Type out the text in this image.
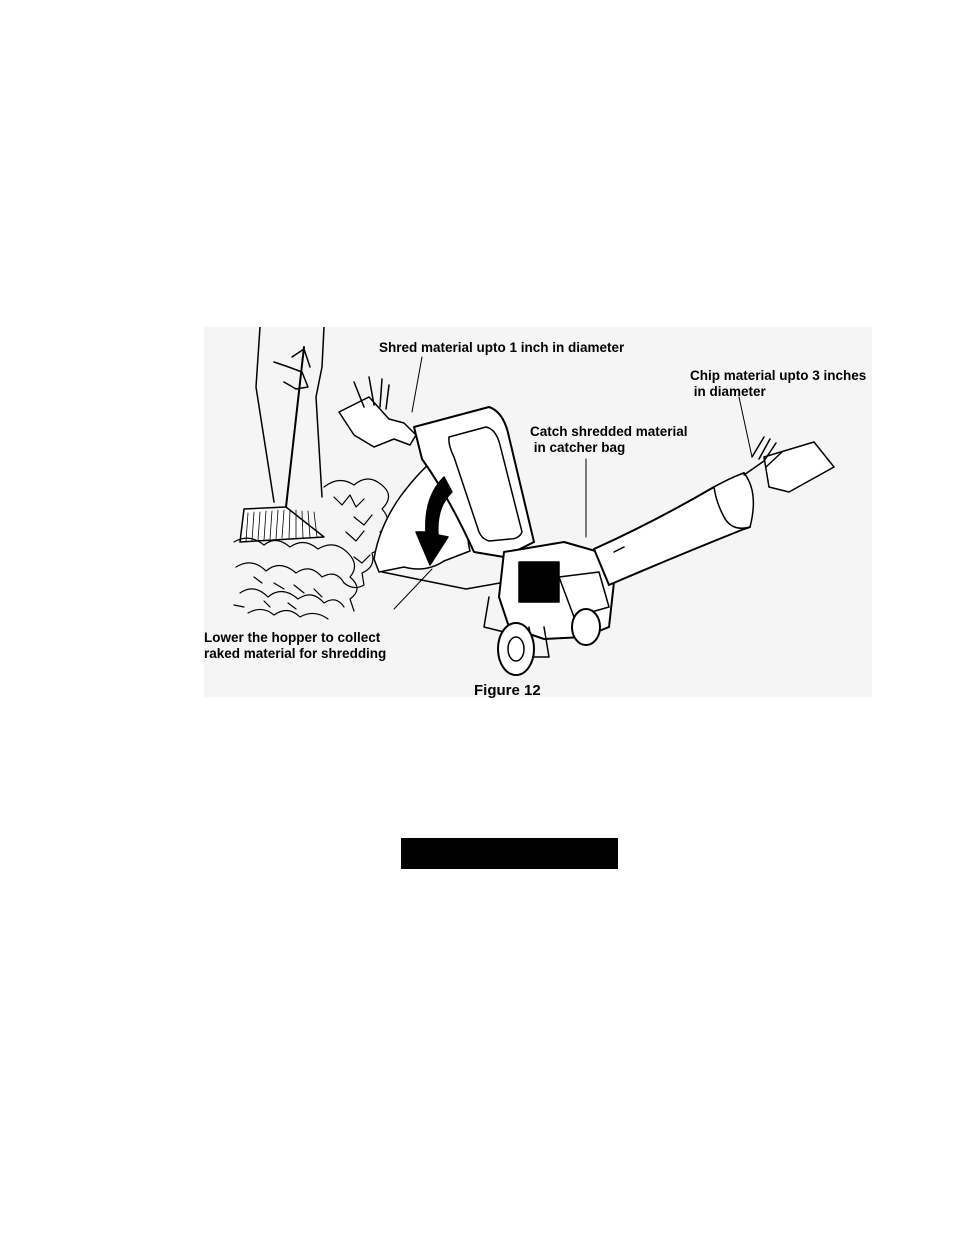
Shred material upto 1 inch in diameter
Chip material upto 3 inches
in diameter
Catch shredded material
in catcher bag
Lower the hopper to collect
raked material for shredding
Figure 12
